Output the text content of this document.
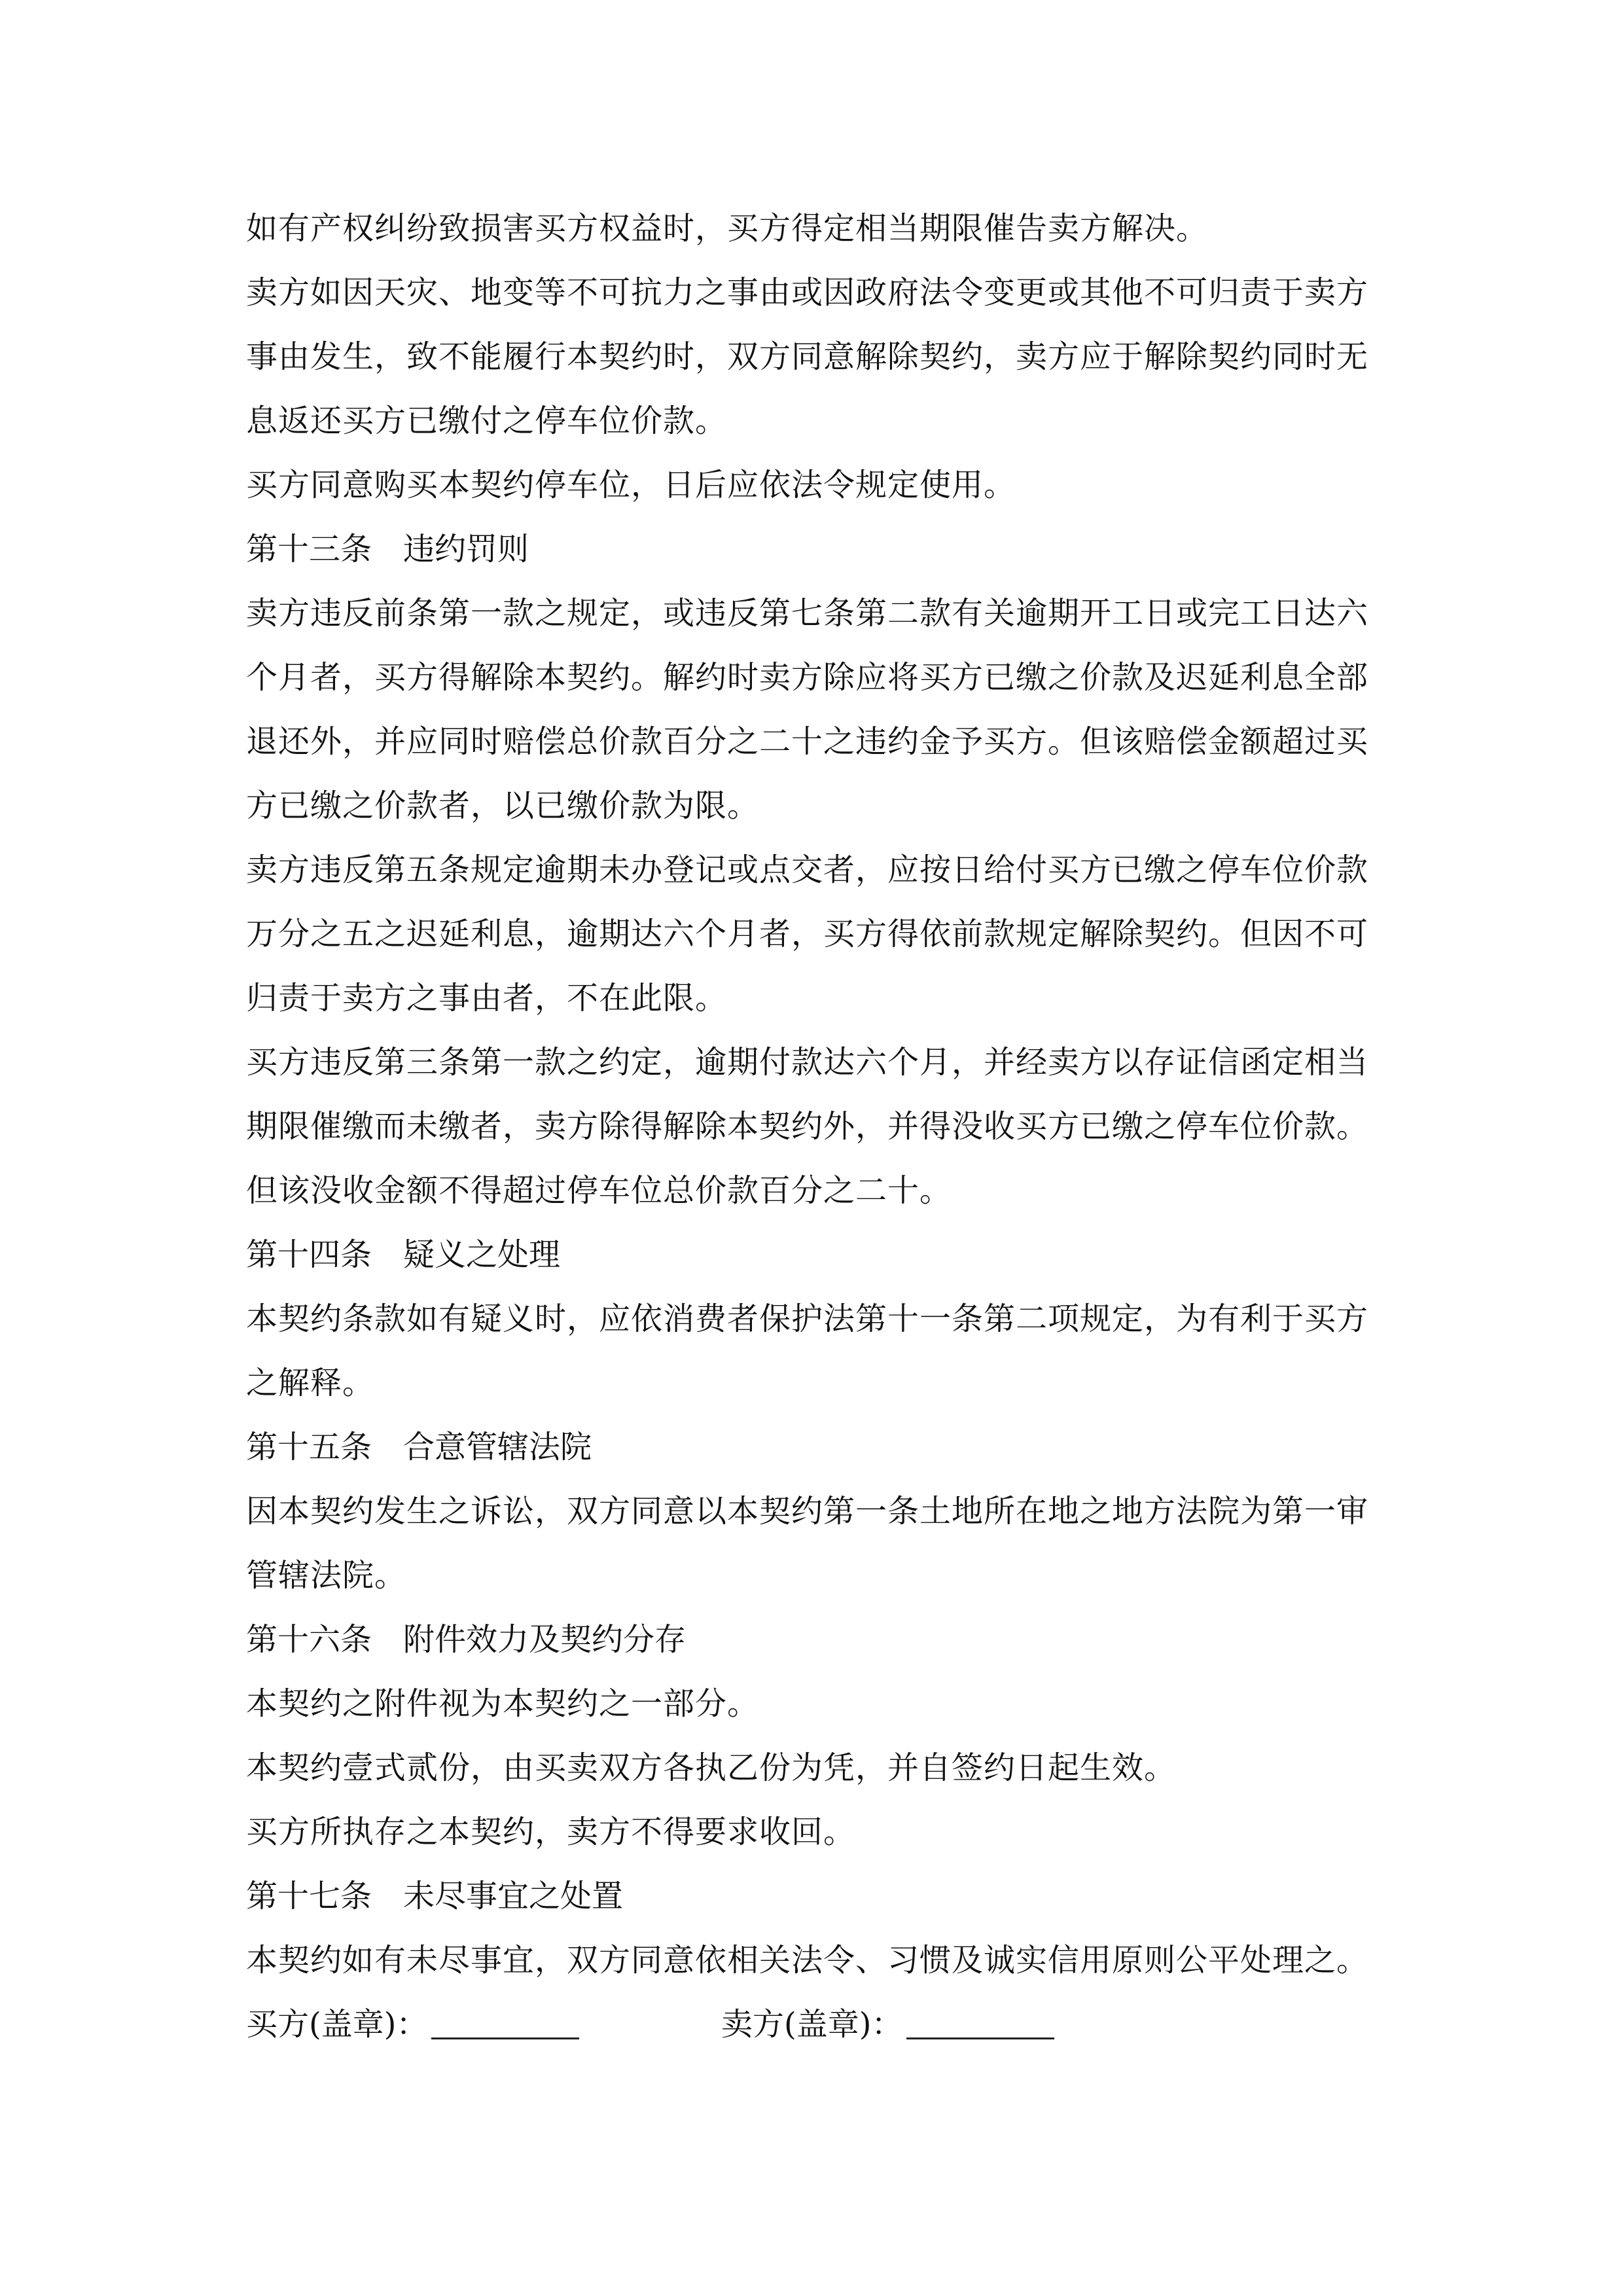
如有产权纠纷致损害买方权益时，买方得定相当期限催告卖方解决。

卖方如因天灾、地变等不可抗力之事由或因政府法令变更或其他不可归责于卖方事由发生，致不能履行本契约时，双方同意解除契约，卖方应于解除契约同时无息返还买方已缴付之停车位价款。

买方同意购买本契约停车位，日后应依法令规定使用。

第十三条　违约罚则

卖方违反前条第一款之规定，或违反第七条第二款有关逾期开工日或完工日达六个月者，买方得解除本契约。解约时卖方除应将买方已缴之价款及迟延利息全部退还外，并应同时赔偿总价款百分之二十之违约金予买方。但该赔偿金额超过买方已缴之价款者，以已缴价款为限。

卖方违反第五条规定逾期未办登记或点交者，应按日给付买方已缴之停车位价款万分之五之迟延利息，逾期达六个月者，买方得依前款规定解除契约。但因不可归责于卖方之事由者，不在此限。

买方违反第三条第一款之约定，逾期付款达六个月，并经卖方以存证信函定相当期限催缴而未缴者，卖方除得解除本契约外，并得没收买方已缴之停车位价款。但该没收金额不得超过停车位总价款百分之二十。

第十四条　疑义之处理

本契约条款如有疑义时，应依消费者保护法第十一条第二项规定，为有利于买方之解释。

第十五条　合意管辖法院

因本契约发生之诉讼，双方同意以本契约第一条土地所在地之地方法院为第一审管辖法院。

第十六条　附件效力及契约分存

本契约之附件视为本契约之一部分。

本契约壹式贰份，由买卖双方各执乙份为凭，并自签约日起生效。

买方所执存之本契约，卖方不得要求收回。

第十七条　未尽事宜之处置

本契约如有未尽事宜，双方同意依相关法令、习惯及诚实信用原则公平处理之。

买方(盖章)：	卖方(盖章)：
